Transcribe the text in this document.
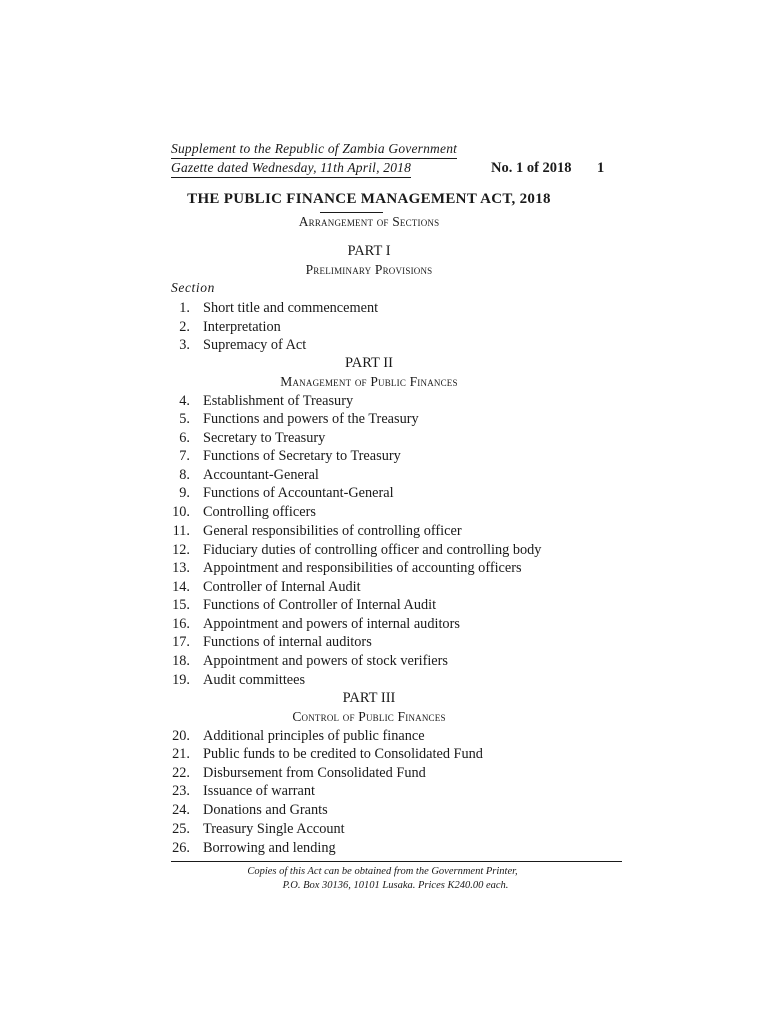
Supplement to the Republic of Zambia Government
Gazette dated Wednesday, 11th April, 2018	No. 1 of 2018 1
THE PUBLIC FINANCE MANAGEMENT ACT, 2018
Arrangement of Sections
PART I
Preliminary Provisions
Section
1. Short title and commencement
2. Interpretation
3. Supremacy of Act
PART II
Management of Public Finances
4. Establishment of Treasury
5. Functions and powers of the Treasury
6. Secretary to Treasury
7. Functions of Secretary to Treasury
8. Accountant-General
9. Functions of Accountant-General
10. Controlling officers
11. General responsibilities of controlling officer
12. Fiduciary duties of controlling officer and controlling body
13. Appointment and responsibilities of accounting officers
14. Controller of Internal Audit
15. Functions of Controller of Internal Audit
16. Appointment and powers of internal auditors
17. Functions of internal auditors
18. Appointment and powers of stock verifiers
19. Audit committees
PART III
Control of Public Finances
20. Additional principles of public finance
21. Public funds to be credited to Consolidated Fund
22. Disbursement from Consolidated Fund
23. Issuance of warrant
24. Donations and Grants
25. Treasury Single Account
26. Borrowing and lending
Copies of this Act can be obtained from the Government Printer,
P.O. Box 30136, 10101 Lusaka. Prices K240.00 each.
